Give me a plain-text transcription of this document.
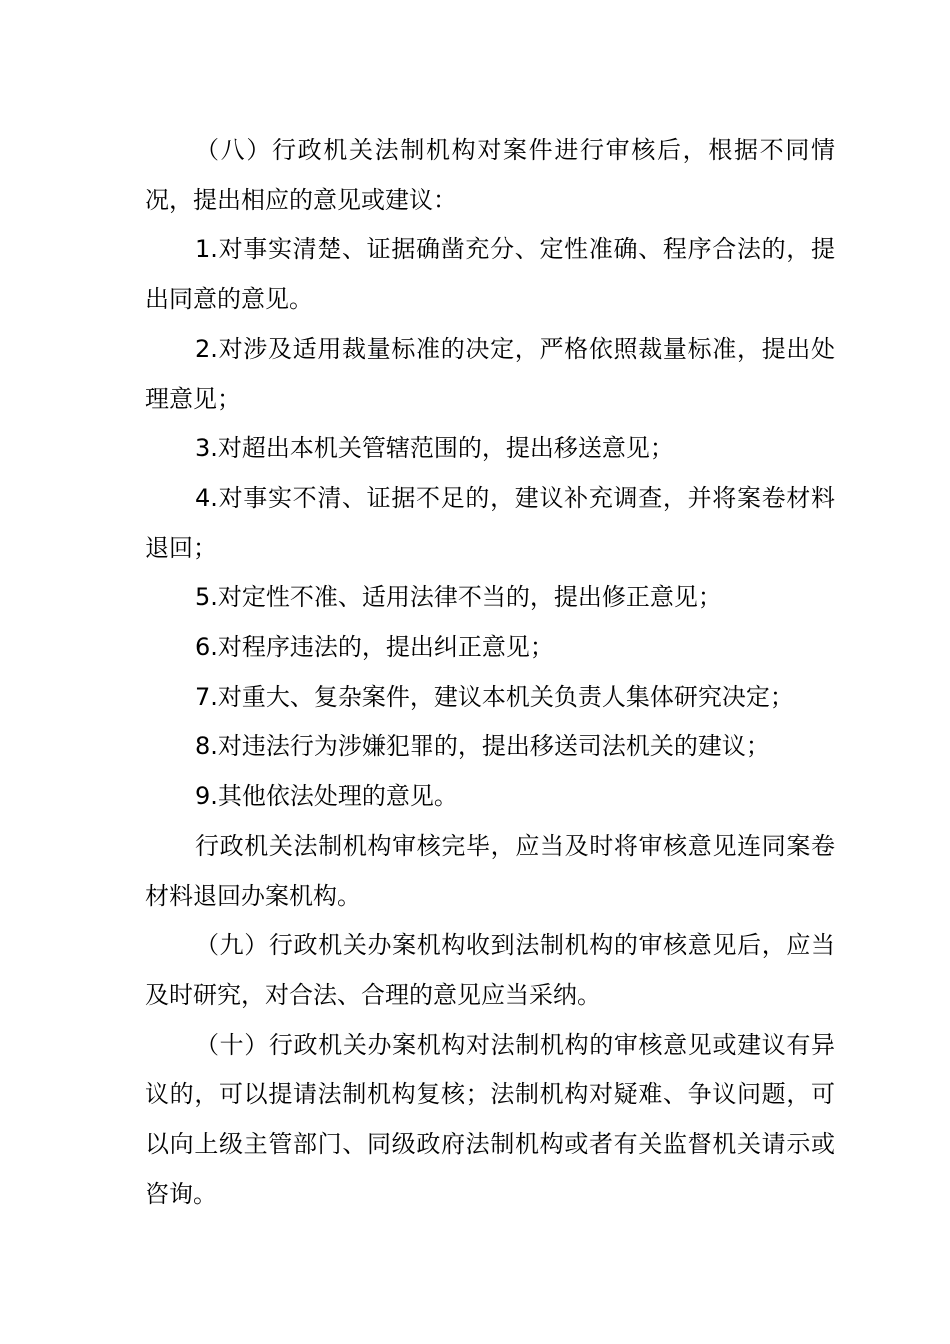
（八）行政机关法制机构对案件进行审核后，根据不同情况，提出相应的意见或建议：

1.对事实清楚、证据确凿充分、定性准确、程序合法的，提出同意的意见。

2.对涉及适用裁量标准的决定，严格依照裁量标准，提出处理意见；

3.对超出本机关管辖范围的，提出移送意见；

4.对事实不清、证据不足的，建议补充调查，并将案卷材料退回；

5.对定性不准、适用法律不当的，提出修正意见；

6.对程序违法的，提出纠正意见；

7.对重大、复杂案件，建议本机关负责人集体研究决定；

8.对违法行为涉嫌犯罪的，提出移送司法机关的建议；

9.其他依法处理的意见。

行政机关法制机构审核完毕，应当及时将审核意见连同案卷材料退回办案机构。

（九）行政机关办案机构收到法制机构的审核意见后，应当及时研究，对合法、合理的意见应当采纳。

（十）行政机关办案机构对法制机构的审核意见或建议有异议的，可以提请法制机构复核；法制机构对疑难、争议问题，可以向上级主管部门、同级政府法制机构或者有关监督机关请示或咨询。
